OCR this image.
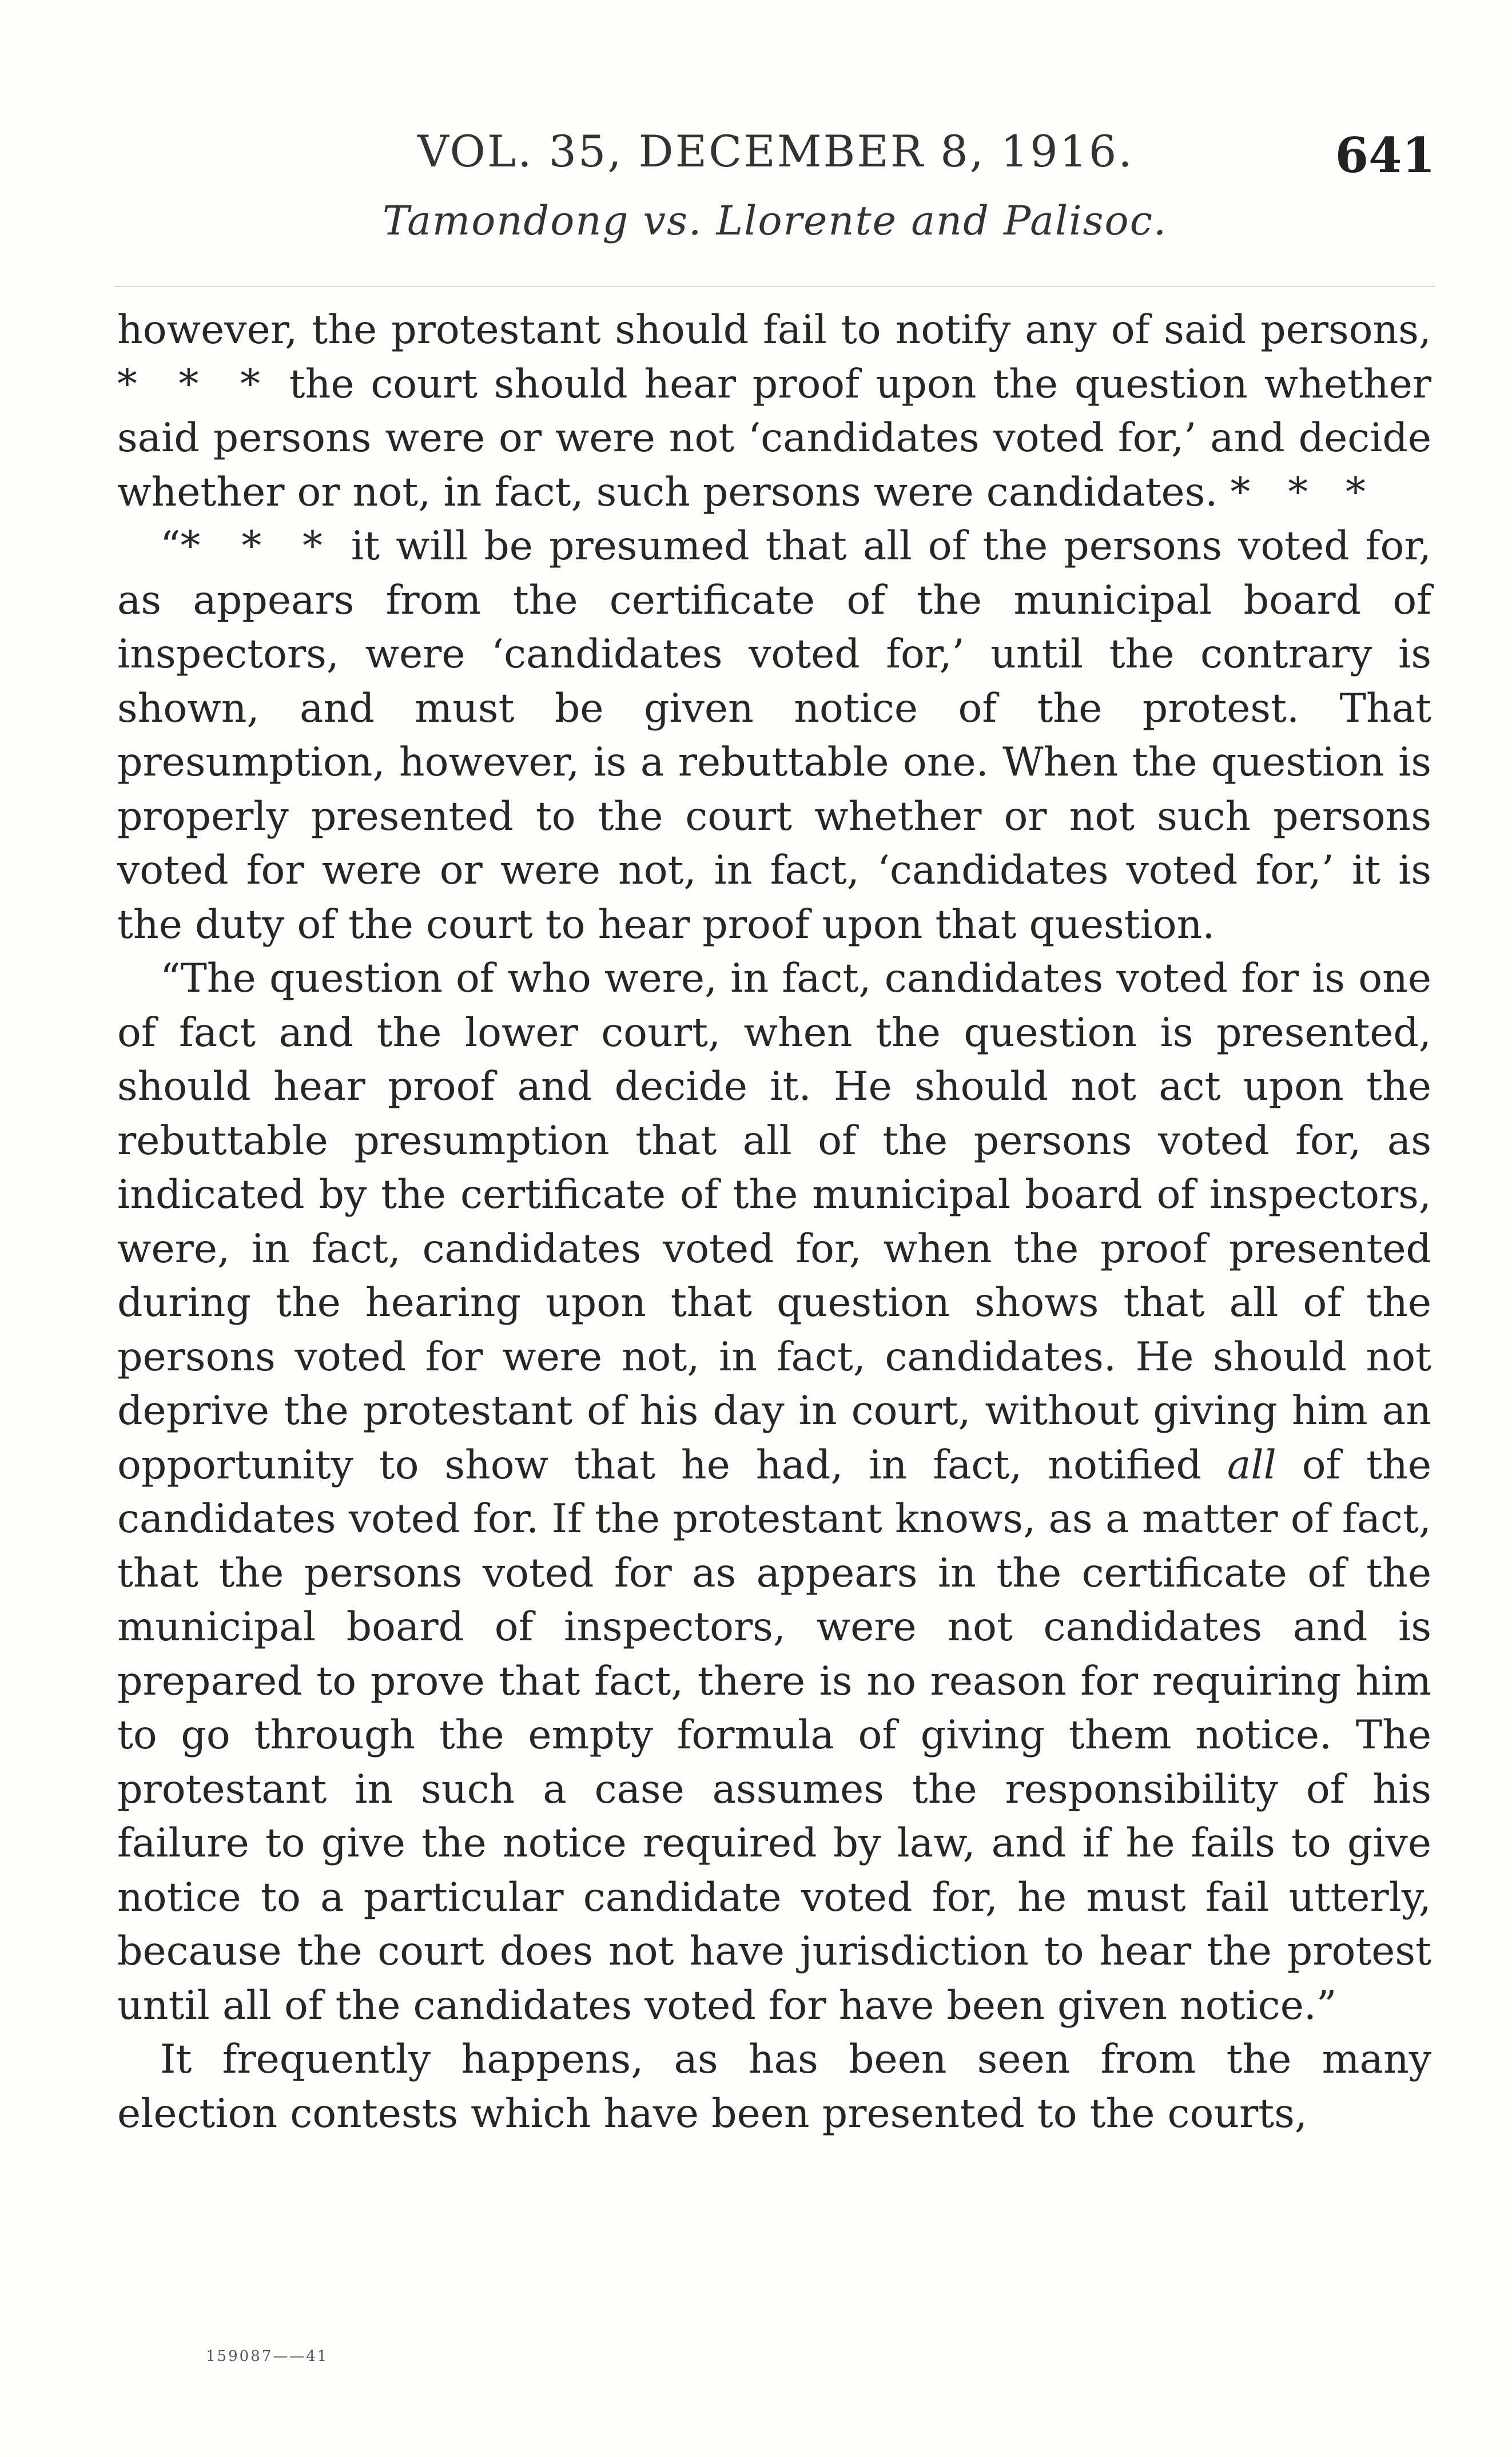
VOL. 35, DECEMBER 8, 1916.	641
Tamondong vs. Llorente and Palisoc.

however, the protestant should fail to notify any of said persons, * * * the court should hear proof upon the question whether said persons were or were not ‘candidates voted for,’ and decide whether or not, in fact, such persons were candidates. * * *

“* * * it will be presumed that all of the persons voted for, as appears from the certificate of the municipal board of inspectors, were ‘candidates voted for,’ until the contrary is shown, and must be given notice of the protest. That presumption, however, is a rebuttable one. When the question is properly presented to the court whether or not such persons voted for were or were not, in fact, ‘candidates voted for,’ it is the duty of the court to hear proof upon that question.

“The question of who were, in fact, candidates voted for is one of fact and the lower court, when the question is presented, should hear proof and decide it. He should not act upon the rebuttable presumption that all of the persons voted for, as indicated by the certificate of the municipal board of inspectors, were, in fact, candidates voted for, when the proof presented during the hearing upon that question shows that all of the persons voted for were not, in fact, candidates. He should not deprive the protestant of his day in court, without giving him an opportunity to show that he had, in fact, notified all of the candidates voted for. If the protestant knows, as a matter of fact, that the persons voted for as appears in the certificate of the municipal board of inspectors, were not candidates and is prepared to prove that fact, there is no reason for requiring him to go through the empty formula of giving them notice. The protestant in such a case assumes the responsibility of his failure to give the notice required by law, and if he fails to give notice to a particular candidate voted for, he must fail utterly, because the court does not have jurisdiction to hear the protest until all of the candidates voted for have been given notice.”

It frequently happens, as has been seen from the many election contests which have been presented to the courts,

159087——41
